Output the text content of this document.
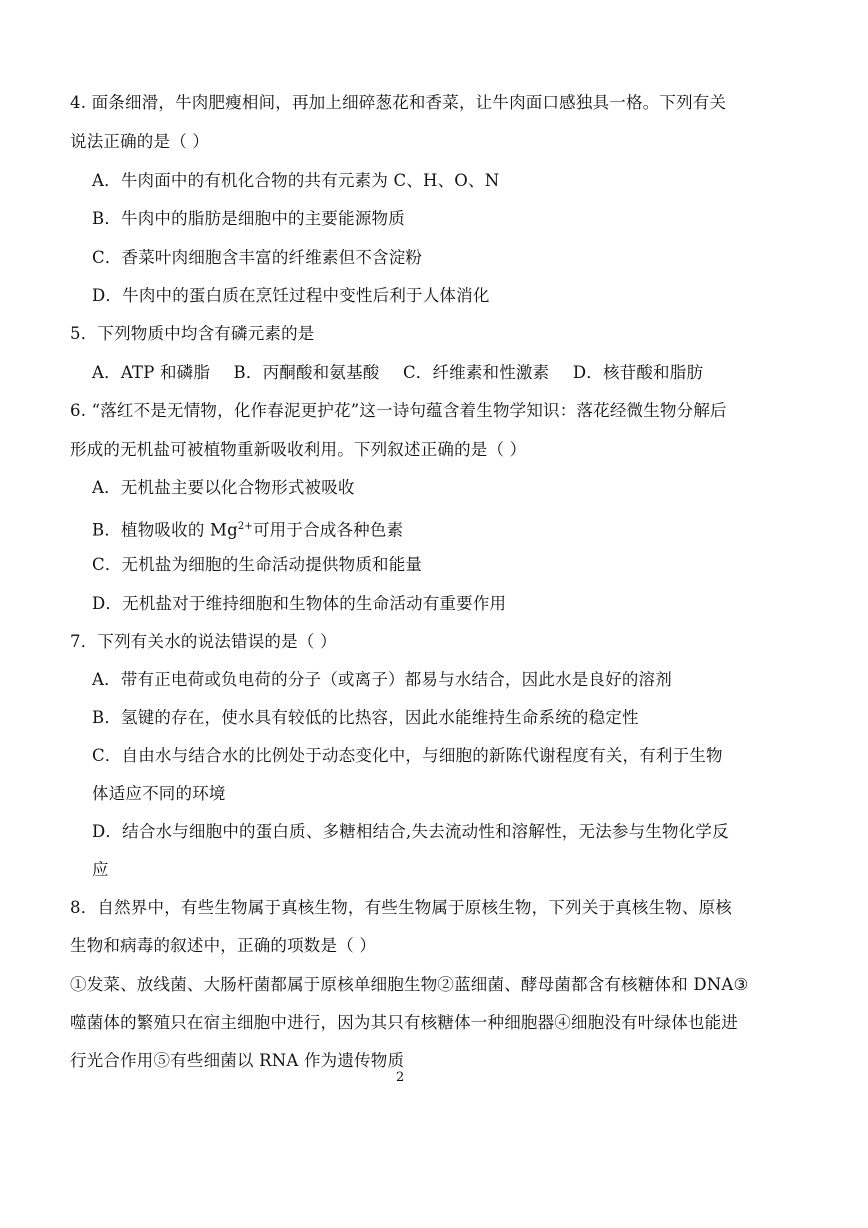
4. 面条细滑，牛肉肥瘦相间，再加上细碎葱花和香菜，让牛肉面口感独具一格。下列有关
说法正确的是（ ）
A．牛肉面中的有机化合物的共有元素为 C、H、O、N
B．牛肉中的脂肪是细胞中的主要能源物质
C．香菜叶肉细胞含丰富的纤维素但不含淀粉
D．牛肉中的蛋白质在烹饪过程中变性后利于人体消化
5．下列物质中均含有磷元素的是
A．ATP 和磷脂 B．丙酮酸和氨基酸 C．纤维素和性激素 D．核苷酸和脂肪
6. “落红不是无情物，化作春泥更护花”这一诗句蕴含着生物学知识：落花经微生物分解后
形成的无机盐可被植物重新吸收利用。下列叙述正确的是（ ）
A．无机盐主要以化合物形式被吸收
B．植物吸收的 $Mg^{2+}$可用于合成各种色素
C．无机盐为细胞的生命活动提供物质和能量
D．无机盐对于维持细胞和生物体的生命活动有重要作用
7．下列有关水的说法错误的是（ ）
A．带有正电荷或负电荷的分子（或离子）都易与水结合，因此水是良好的溶剂
B．氢键的存在，使水具有较低的比热容，因此水能维持生命系统的稳定性
C．自由水与结合水的比例处于动态变化中，与细胞的新陈代谢程度有关，有利于生物
体适应不同的环境
D．结合水与细胞中的蛋白质、多糖相结合,失去流动性和溶解性，无法参与生物化学反
应
8．自然界中，有些生物属于真核生物，有些生物属于原核生物，下列关于真核生物、原核
生物和病毒的叙述中，正确的项数是（ ）
①发菜、放线菌、大肠杆菌都属于原核单细胞生物②蓝细菌、酵母菌都含有核糖体和 DNA③
噬菌体的繁殖只在宿主细胞中进行，因为其只有核糖体一种细胞器④细胞没有叶绿体也能进
行光合作用⑤有些细菌以 RNA 作为遗传物质
2
